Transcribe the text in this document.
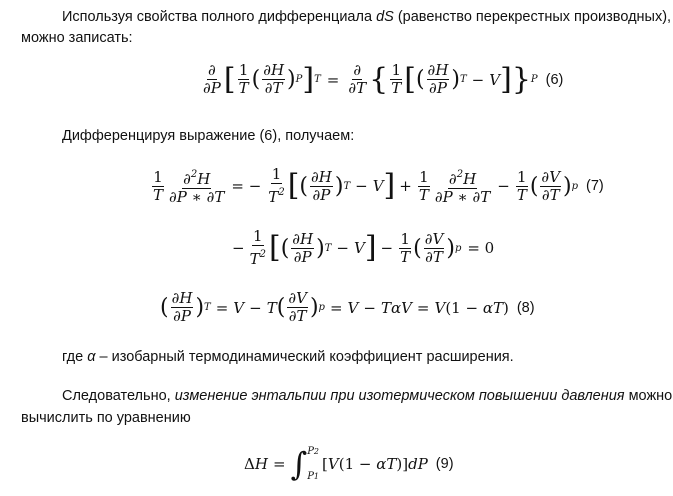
Используя свойства полного дифференциала dS (равенство перекрестных производных),
можно записать:
∂
∂P [ 1
T ( ∂H
∂T ) P ] T =
∂
∂T { 1
T [ ( ∂H
∂P ) T − V ] } P (6)
Дифференцируя выражение (6), получаем:
1
T $\frac{\partial^2H}{\partial P ∗ \partial T}$ = − $\frac{1}{T^2}$ [ ( ∂H
∂P ) T − V ] + $\frac{1}{T} \partial^2H$
∂P ∗ ∂T
− $\frac{1}{T}$ ( ∂V
∂T ) p (7)
− $\frac{1}{T^2}$ [ ( ∂H
∂P ) T − V ] − $\frac{1}{T}$ ( ∂V
∂T ) p = 0
( ∂H
∂P ) T = V − T ( ∂V
∂T ) p = V − TαV = V (1 −
αT ) (8)
где α – изобарный термодинамический коэффициент расширения.
Следовательно, изменение энтальпии при изотермическом повышении давления можно
вычислить по уравнению
Δ H = ∫ P2
P1
[ V (1 −
αT )] dP (9)
